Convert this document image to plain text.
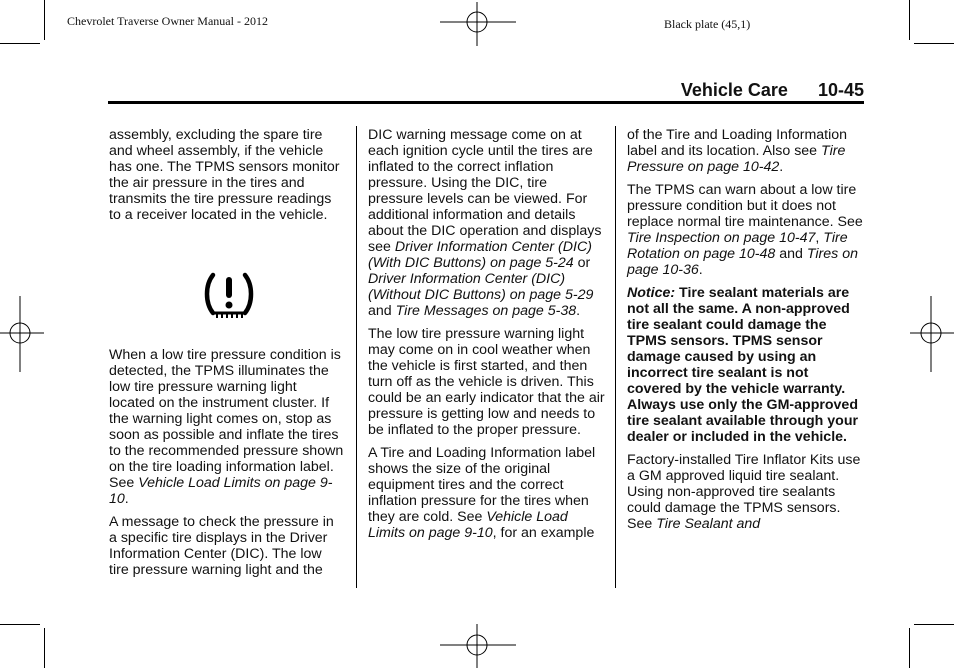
Chevrolet Traverse Owner Manual - 2012	Black plate (45,1)
Vehicle Care 10-45

assembly, excluding the spare tire and wheel assembly, if the vehicle has one. The TPMS sensors monitor the air pressure in the tires and transmits the tire pressure readings to a receiver located in the vehicle.

When a low tire pressure condition is detected, the TPMS illuminates the low tire pressure warning light located on the instrument cluster. If the warning light comes on, stop as soon as possible and inflate the tires to the recommended pressure shown on the tire loading information label. See Vehicle Load Limits on page 9-10.

A message to check the pressure in a specific tire displays in the Driver Information Center (DIC). The low tire pressure warning light and the

DIC warning message come on at each ignition cycle until the tires are inflated to the correct inflation pressure. Using the DIC, tire pressure levels can be viewed. For additional information and details about the DIC operation and displays see Driver Information Center (DIC) (With DIC Buttons) on page 5-24 or Driver Information Center (DIC) (Without DIC Buttons) on page 5-29 and Tire Messages on page 5-38.

The low tire pressure warning light may come on in cool weather when the vehicle is first started, and then turn off as the vehicle is driven. This could be an early indicator that the air pressure is getting low and needs to be inflated to the proper pressure.

A Tire and Loading Information label shows the size of the original equipment tires and the correct inflation pressure for the tires when they are cold. See Vehicle Load Limits on page 9-10, for an example

of the Tire and Loading Information label and its location. Also see Tire Pressure on page 10-42.

The TPMS can warn about a low tire pressure condition but it does not replace normal tire maintenance. See Tire Inspection on page 10-47, Tire Rotation on page 10-48 and Tires on page 10-36.

Notice: Tire sealant materials are not all the same. A non-approved tire sealant could damage the TPMS sensors. TPMS sensor damage caused by using an incorrect tire sealant is not covered by the vehicle warranty. Always use only the GM-approved tire sealant available through your dealer or included in the vehicle.

Factory-installed Tire Inflator Kits use a GM approved liquid tire sealant. Using non-approved tire sealants could damage the TPMS sensors. See Tire Sealant and
